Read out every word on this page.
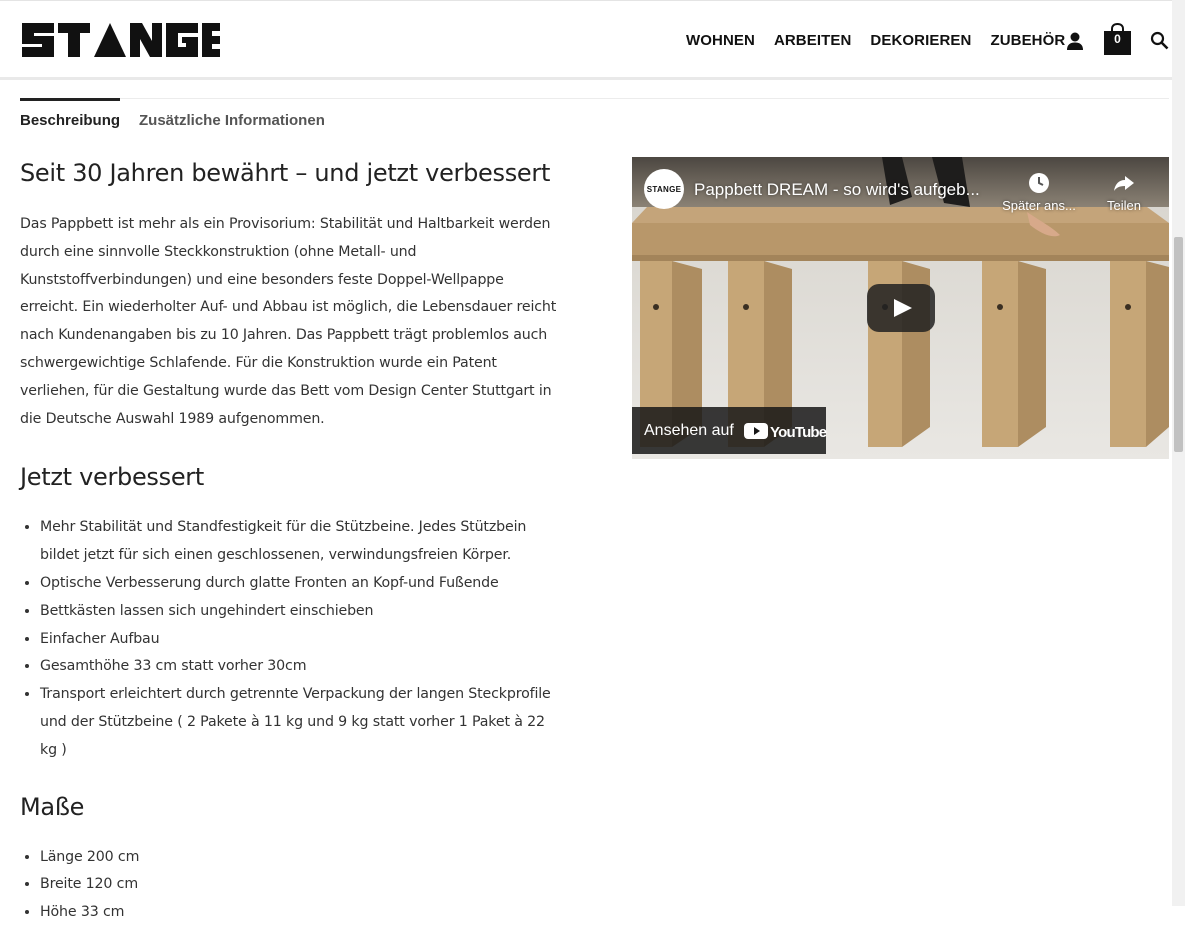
WOHNEN ARBEITEN DEKORIEREN ZUBEHÖR	0
Beschreibung Zusätzliche Informationen
Seit 30 Jahren bewährt – und jetzt verbessert

Das Pappbett ist mehr als ein Provisorium: Stabilität und Haltbarkeit werden

durch eine sinnvolle Steckkonstruktion (ohne Metall- und

Kunststoffverbindungen) und eine besonders feste Doppel-Wellpappe

erreicht. Ein wiederholter Auf- und Abbau ist möglich, die Lebensdauer reicht

nach Kundenangaben bis zu 10 Jahren. Das Pappbett trägt problemlos auch

schwergewichtige Schlafende. Für die Konstruktion wurde ein Patent

verliehen, für die Gestaltung wurde das Bett vom Design Center Stuttgart in

die Deutsche Auswahl 1989 aufgenommen.

Jetzt verbessert
• Mehr Stabilität und Standfestigkeit für die Stützbeine. Jedes Stützbein
bildet jetzt für sich einen geschlossenen, verwindungsfreien Körper.
• Optische Verbesserung durch glatte Fronten an Kopf-und Fußende
• Bettkästen lassen sich ungehindert einschieben
• Einfacher Aufbau
• Gesamthöhe 33 cm statt vorher 30cm
• Transport erleichtert durch getrennte Verpackung der langen Steckprofile
und der Stützbeine ( 2 Pakete à 11 kg und 9 kg statt vorher 1 Paket à 22 kg )
Maße
• Länge 200 cm
• Breite 120 cm
• Höhe 33 cm
STANGE Pappbett DREAM - so wird's aufgeb...
Später ans...	Teilen
Ansehen auf YouTube
